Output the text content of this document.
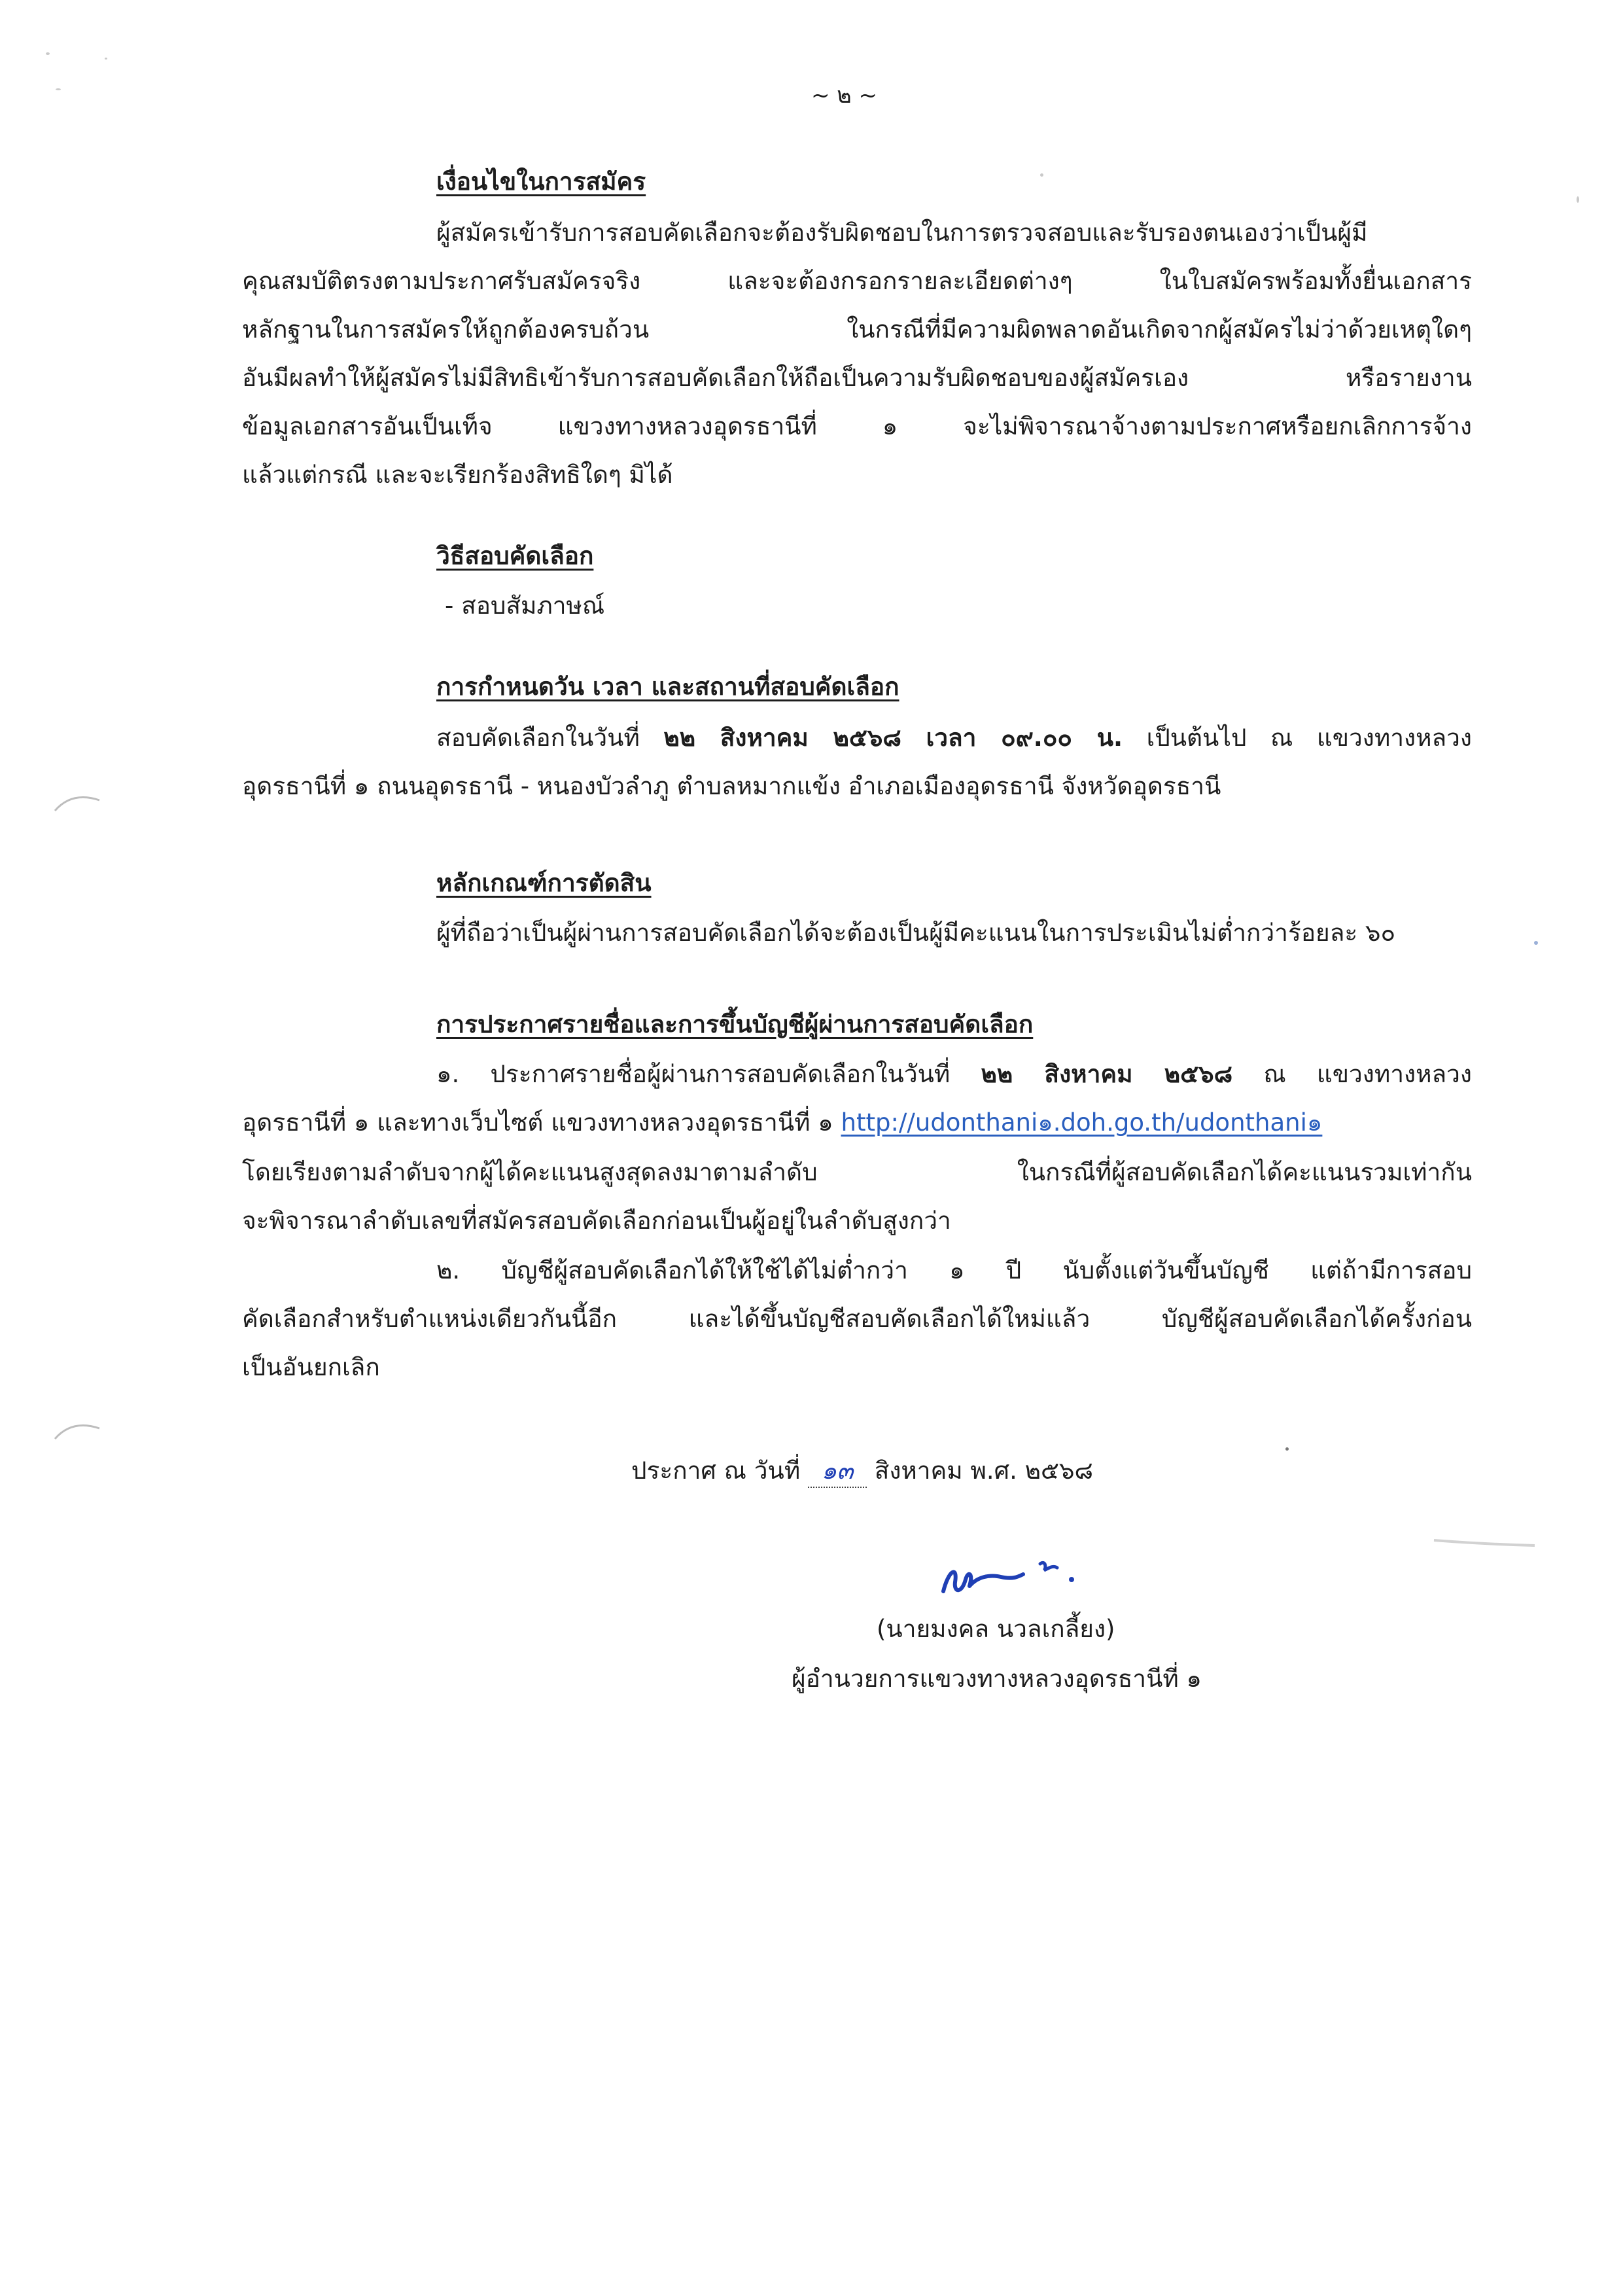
~ ๒ ~
เงื่อนไขในการสมัคร
ผู้สมัครเข้ารับการสอบคัดเลือกจะต้องรับผิดชอบในการตรวจสอบและรับรองตนเองว่าเป็นผู้มี
คุณสมบัติตรงตามประกาศรับสมัครจริง และจะต้องกรอกรายละเอียดต่างๆ ในใบสมัครพร้อมทั้งยื่นเอกสาร
หลักฐานในการสมัครให้ถูกต้องครบถ้วน ในกรณีที่มีความผิดพลาดอันเกิดจากผู้สมัครไม่ว่าด้วยเหตุใดๆ
อันมีผลทำให้ผู้สมัครไม่มีสิทธิเข้ารับการสอบคัดเลือกให้ถือเป็นความรับผิดชอบของผู้สมัครเอง หรือรายงาน
ข้อมูลเอกสารอันเป็นเท็จ แขวงทางหลวงอุดรธานีที่ ๑ จะไม่พิจารณาจ้างตามประกาศหรือยกเลิกการจ้าง
แล้วแต่กรณี และจะเรียกร้องสิทธิใดๆ มิได้
วิธีสอบคัดเลือก
- สอบสัมภาษณ์
การกำหนดวัน เวลา และสถานที่สอบคัดเลือก
สอบคัดเลือกในวันที่ ๒๒ สิงหาคม ๒๕๖๘ เวลา ๐๙.๐๐ น. เป็นต้นไป ณ แขวงทางหลวง
อุดรธานีที่ ๑ ถนนอุดรธานี - หนองบัวลำภู ตำบลหมากแข้ง อำเภอเมืองอุดรธานี จังหวัดอุดรธานี
หลักเกณฑ์การตัดสิน
ผู้ที่ถือว่าเป็นผู้ผ่านการสอบคัดเลือกได้จะต้องเป็นผู้มีคะแนนในการประเมินไม่ต่ำกว่าร้อยละ ๖๐
การประกาศรายชื่อและการขึ้นบัญชีผู้ผ่านการสอบคัดเลือก
๑. ประกาศรายชื่อผู้ผ่านการสอบคัดเลือกในวันที่ ๒๒ สิงหาคม ๒๕๖๘ ณ แขวงทางหลวง
อุดรธานีที่ ๑ และทางเว็บไซต์ แขวงทางหลวงอุดรธานีที่ ๑ http://udonthani๑.doh.go.th/udonthani๑
โดยเรียงตามลำดับจากผู้ได้คะแนนสูงสุดลงมาตามลำดับ ในกรณีที่ผู้สอบคัดเลือกได้คะแนนรวมเท่ากัน
จะพิจารณาลำดับเลขที่สมัครสอบคัดเลือกก่อนเป็นผู้อยู่ในลำดับสูงกว่า
๒. บัญชีผู้สอบคัดเลือกได้ให้ใช้ได้ไม่ต่ำกว่า ๑ ปี นับตั้งแต่วันขึ้นบัญชี แต่ถ้ามีการสอบ
คัดเลือกสำหรับตำแหน่งเดียวกันนี้อีก และได้ขึ้นบัญชีสอบคัดเลือกได้ใหม่แล้ว บัญชีผู้สอบคัดเลือกได้ครั้งก่อน
เป็นอันยกเลิก
ประกาศ ณ วันที่ ๑๓ สิงหาคม พ.ศ. ๒๕๖๘
(นายมงคล นวลเกลี้ยง)
ผู้อำนวยการแขวงทางหลวงอุดรธานีที่ ๑
